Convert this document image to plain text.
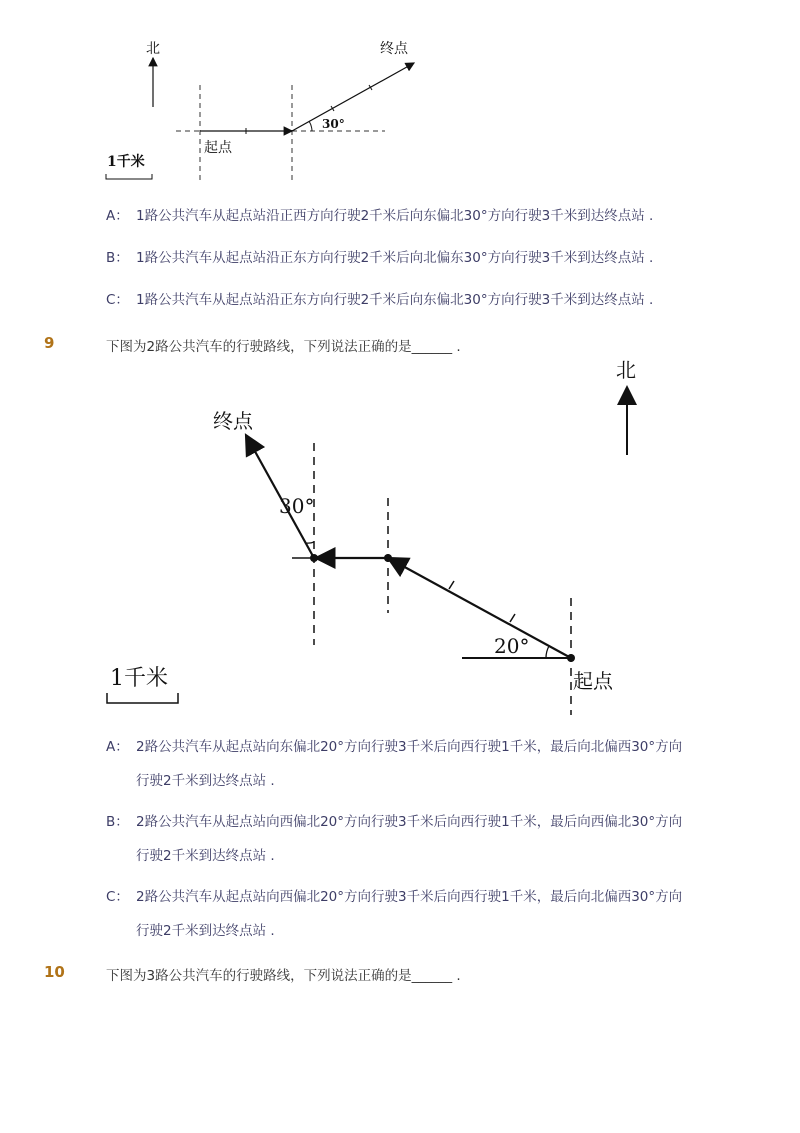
北
30°
终点
起点
1千米
A： 1路公共汽车从起点站沿正西方向行驶2千米后向东偏北30°方向行驶3千米到达终点站 .
B： 1路公共汽车从起点站沿正东方向行驶2千米后向北偏东30°方向行驶3千米到达终点站 .
C： 1路公共汽车从起点站沿正东方向行驶2千米后向东偏北30°方向行驶3千米到达终点站 .
9	下图为2路公共汽车的行驶路线，下列说法正确的是______ .
北
30°
20°
终点
起点
1千米
A： 2路公共汽车从起点站向东偏北20°方向行驶3千米后向西行驶1千米，最后向北偏西30°方向
行驶2千米到达终点站 .
B： 2路公共汽车从起点站向西偏北20°方向行驶3千米后向西行驶1千米，最后向西偏北30°方向
行驶2千米到达终点站 .
C： 2路公共汽车从起点站向西偏北20°方向行驶3千米后向西行驶1千米，最后向北偏西30°方向
行驶2千米到达终点站 .
10	下图为3路公共汽车的行驶路线，下列说法正确的是______ .
